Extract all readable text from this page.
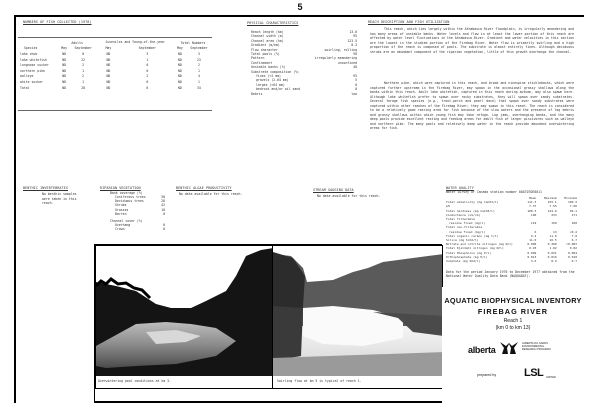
5
NUMBERS OF FISH COLLECTED (1978)
	Adults		Juveniles and Young-of-the-year		Total Numbers	
Species	May	September	May	September	May	September
lake chub	ND	0	ND	3	ND	3
lake whitefish	ND	22	ND	1	ND	23
longnose sucker	ND	2	ND	0	ND	2
northern pike	ND	1	ND	0	ND	1
walleye	ND	2	ND	2	ND	4
white sucker	ND	1	ND	0	ND	1
Total	ND	28	ND	6	ND	34
PHYSICAL CHARACTERISTICS
Reach length (km)	13.0
Channel width (m)	95
Channel area (ha)	123.5
Gradient (m/km)	0.3
Flow character	swirling, rolling
Total pools (%)	90
Pattern	irregularly meandering
Confinement	unconfined
Unstable banks (%)	40
Substrate composition (%)
fines (<2 mm)	95
gravels (2-64 mm)	5
larges (>64 mm)	0
bedrock and/or oil sand	0
Debris	low
REACH DESCRIPTION AND FISH UTILIZATION
This reach, which lies largely within the Athabasca River floodplain, is irregularly meandering and has many areas of unstable banks. Water levels and flow in at least the lower portion of this reach are affected by water level fluctuations in the Athabasca River. Gradient and water velocities in this section are the lowest in the studied portion of the Firebag River. Water flow is primarily swirling and a high proportion of the reach is composed of pools. The substrate is almost entirely fines. Although deciduous shrubs are an abundant component of the riparian vegetation, little of this growth overhangs the channel.
Northern pike, which were captured in this reach, and brook and ninespine sticklebacks, which were captured further upstream in the Firebag River, may spawn in the occasional grassy shallows along the banks within this reach. Adult lake whitefish, captured in this reach during autumn, may also spawn here. Although lake whitefish prefer to spawn over rocky substrates, they will spawn over sandy substrates. Several forage fish species (e.g., trout-perch and pearl dace) that spawn over sandy substrates were captured within other reaches of the Firebag River; they may spawn in this reach. The reach is considered to be a relatively good rearing area for fish because of the slow waters and the presence of log debris and grassy shallows within which young fish may take refuge. Log jams, overhanging banks, and the many deep pools provide excellent resting and feeding areas for adult fish of larger piscivores such as walleye and northern pike. The many pools and relatively deep water in the reach provide abundant overwintering areas for fish.
BENTHIC INVERTEBRATES
No benthic samples were taken in this reach.
RIPARIAN VEGETATION
Bank coverage (%)
Coniferous trees	30
Deciduous trees	28
Shrubs	42
Grasses	10
Barren	0
Channel cover (%)
Overhang	0
Crown	0
BENTHIC ALGAE PRODUCTIVITY
No data available for this reach.
STREAM GAUGING DATA
No data available for this reach.
WATER QUALITY
Water Survey of Canada station number 00AT07DE0011
	Mean	Maximum	Minimum
Total alkalinity (mg CaCO3/l)	111.3	155.1	100.2
pH	7.37	7.55	7.60
Total hardness (mg CaCO3/l)	100.3	124.0	96.1
Conductance (uS/cm)	190	233	171
Total filterable			
residue fixed (mg/l)	119	150	100
Total non-filterable			
residue fixed (mg/l)	6	13	<0.4
Total organic carbon (mg C/l)	9.2	11.0	7.0
Silica (mg SiO2/l)	11.0	16.5	6.7
Nitrate and nitrite nitrogen (mg N/l)	0.096	0.300	<0.003
Total Kjeldahl nitrogen (mg N/l)	0.93	1.02	0.82
Total Phosphorus (mg P/l)	0.099	0.021	0.004
Orthophosphate (mg P/l)	0.013	0.016	0.010
Sulphate (mg SO4/l)	3.6	8.9	0.7
Data for the period January 1976 to December 1977 obtained from the National Water Quality Data Bank (NAQUADAT).
Overwintering pool conditions at km 3.	Swirling flow at km 5 is typical of reach 1.
AQUATIC BIOPHYSICAL INVENTORY
FIREBAG RIVER
Reach 1
(km 0 to km 13)
alberta
ALBERTA OIL SANDS
ENVIRONMENTAL
RESEARCH PROGRAM
prepared by	LSL LIMITED
